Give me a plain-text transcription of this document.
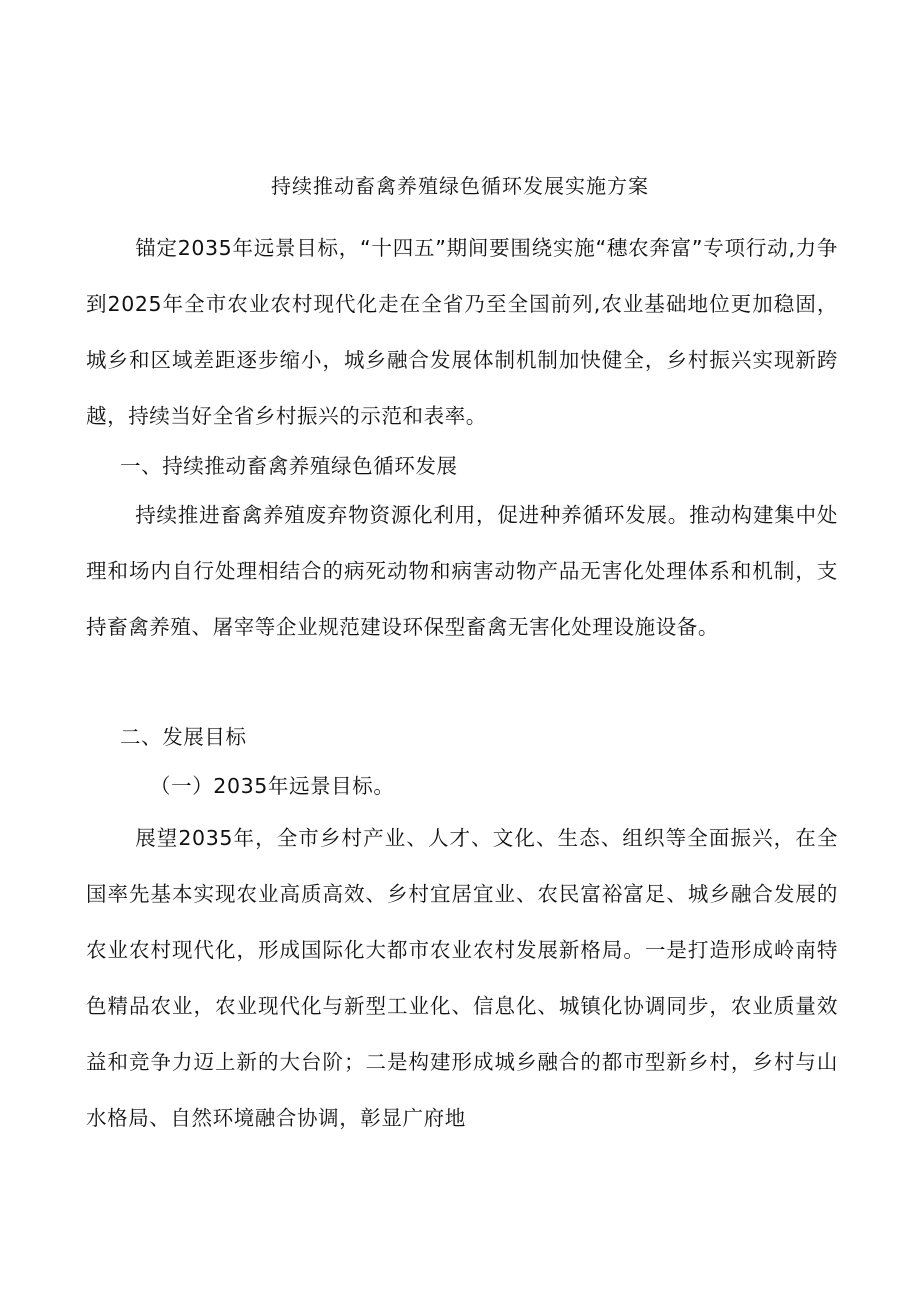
持续推动畜禽养殖绿色循环发展实施方案

锚定2035年远景目标，“十四五”期间要围绕实施“穗农奔富”专项行动,力争到2025年全市农业农村现代化走在全省乃至全国前列,农业基础地位更加稳固，城乡和区域差距逐步缩小，城乡融合发展体制机制加快健全，乡村振兴实现新跨越，持续当好全省乡村振兴的示范和表率。

一、持续推动畜禽养殖绿色循环发展

持续推进畜禽养殖废弃物资源化利用，促进种养循环发展。推动构建集中处理和场内自行处理相结合的病死动物和病害动物产品无害化处理体系和机制，支持畜禽养殖、屠宰等企业规范建设环保型畜禽无害化处理设施设备。

二、发展目标

（一）2035年远景目标。

展望2035年，全市乡村产业、人才、文化、生态、组织等全面振兴，在全国率先基本实现农业高质高效、乡村宜居宜业、农民富裕富足、城乡融合发展的农业农村现代化，形成国际化大都市农业农村发展新格局。一是打造形成岭南特色精品农业，农业现代化与新型工业化、信息化、城镇化协调同步，农业质量效益和竞争力迈上新的大台阶；二是构建形成城乡融合的都市型新乡村，乡村与山水格局、自然环境融合协调，彰显广府地
